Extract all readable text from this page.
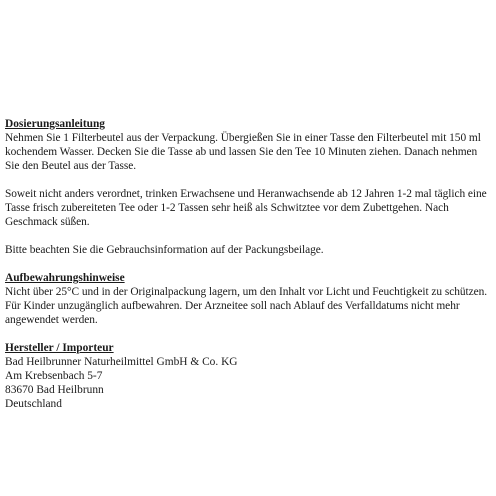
Dosierungsanleitung

Nehmen Sie 1 Filterbeutel aus der Verpackung. Übergießen Sie in einer Tasse den Filterbeutel mit 150 ml kochendem Wasser. Decken Sie die Tasse ab und lassen Sie den Tee 10 Minuten ziehen. Danach nehmen Sie den Beutel aus der Tasse.

Soweit nicht anders verordnet, trinken Erwachsene und Heranwachsende ab 12 Jahren 1-2 mal täglich eine Tasse frisch zubereiteten Tee oder 1-2 Tassen sehr heiß als Schwitztee vor dem Zubettgehen. Nach Geschmack süßen.

Bitte beachten Sie die Gebrauchsinformation auf der Packungsbeilage.

Aufbewahrungshinweise

Nicht über 25°C und in der Originalpackung lagern, um den Inhalt vor Licht und Feuchtigkeit zu schützen. Für Kinder unzugänglich aufbewahren. Der Arzneitee soll nach Ablauf des Verfalldatums nicht mehr angewendet werden.

Hersteller / Importeur
Bad Heilbrunner Naturheilmittel GmbH & Co. KG
Am Krebsenbach 5-7
83670 Bad Heilbrunn
Deutschland
